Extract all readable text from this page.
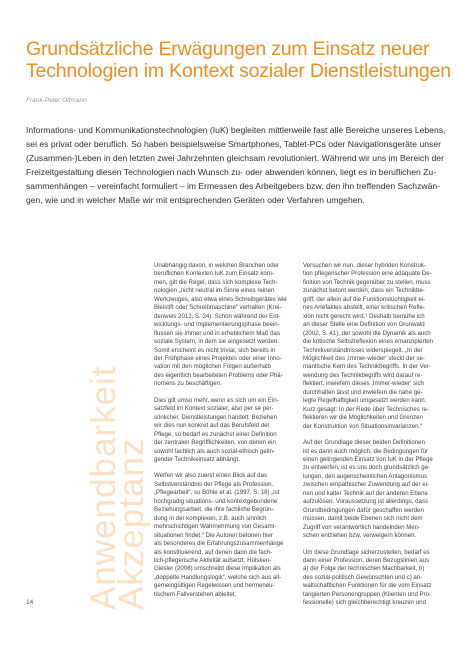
Grundsätzliche Erwägungen zum Einsatz neuer
Technologien im Kontext sozialer Dienstleistungen
Frank-Peter Oltmann
Informations- und Kommunikationstechnologien (IuK) begleiten mittlerweile fast alle Bereiche unseres Lebens,
sei es privat oder beruflich. So haben beispielsweise Smartphones, Tablet-PCs oder Navigationsgeräte unser
(Zusammen-)Leben in den letzten zwei Jahrzehnten gleichsam revolutioniert. Während wir uns im Bereich der
Freizeitgestaltung diesen Technologien nach Wunsch zu- oder abwenden können, liegt es in beruflichen Zu-
sammenhängen – vereinfacht formuliert – im Ermessen des Arbeitgebers bzw. den ihn treffenden Sachzwän-
gen, wie und in welcher Maße wir mit entsprechenden Geräten oder Verfahren umgehen.
Anwendbarkeit
Akzeptanz
Unabhängig davon, in welchen Branchen oder
beruflichen Kontexten IuK zum Einsatz kom-
men, gilt die Regel, dass sich komplexe Tech-
nologien „nicht neutral im Sinne eines reinen
Werkzeuges, also etwa eines Schreibgerätes wie
Bleistift oder Schreibmaschine“ verhalten (Krei-
denweis 2012, S. 24). Schon während der Ent-
wicklungs- und Implementierungsphase beein-
flussen sie immer und in erheblichem Maß das
soziale System, in dem sie eingesetzt werden.
Somit erscheint es nicht trivial, sich bereits in
der Frühphase eines Projektes oder einer Inno-
vation mit den möglichen Folgen außerhalb
des eigentlich bearbeiteten Problems oder Phä-
nomens zu beschäftigen.
Dies gilt umso mehr, wenn es sich um ein Ein-
satzfeld im Kontext sozialer, also per se per-
sönlicher, Dienstleistungen handelt. Beziehen
wir dies nun konkret auf das Berufsfeld der
Pflege, so bedarf es zunächst einer Definition
der zentralen Begrifflichkeiten, von denen ein
sowohl fachlich als auch sozial-ethisch gelin-
gender Technikeinsatz abhängt.
Werfen wir also zuerst einen Blick auf das
Selbstverständnis der Pflege als Profession.
„Pflegearbeit“, so Böhle et al. (1997, S. 18) „ist
hochgradig situations- und kontextgebundene
Beziehungsarbeit, die ihre fachliche Begrün-
dung in der komplexen, z.B. auch sinnlich
mehrschichtigen Wahrnehmung von Gesamt-
situationen findet.“ Die Autoren betonen hier
als besonderes die Erfahrungszusammenhänge
als konstituierend, auf denen dann die fach-
lich-pflegerische Aktivität aufsetzt. Hülsken-
Giesler (2008) umschreibt diese Implikation als
„doppelte Handlungslogik“, welche sich aus all-
gemeingültigen Regelwissen und hermeneu-
tischem Fallverstehen ableitet.
Versuchen wir nun, dieser hybriden Konstruk-
tion pflegerischer Profession eine adäquate De-
finition von Technik gegenüber zu stellen, muss
zunächst betont werden, dass ein Technikbe-
griff, der allein auf die Funktionstüchtigkeit ei-
nes Artefaktes abstellt, einer kritischen Refle-
xion nicht gerecht wird.¹ Deshalb bemühe ich
an dieser Stelle eine Definition von Grunwald
(2002, S. 41), der sowohl die Dynamik als auch
die kritische Selbstreflexion eines emanzipierten
Technikverständnisses widerspiegelt. „In der
Möglichkeit des ‚Immer-wieder‘ steckt der se-
mantische Kern des Technikbegriffs. In der Ver-
wendung des Technikbegriffs wird darauf re-
flektiert, inwiefern dieses ‚Immer-wieder‘ sich
durchhalten lässt und inwiefern die nahe ge-
legte Regelhaftigkeit umgesetzt werden kann.
Kurz gesagt: In der Rede über Technisches re-
flektieren wir die Möglichkeiten und Grenzen
der Konstruktion von Situationsinvarianzen.“
Auf der Grundlage dieser beiden Definitionen
ist es dann auch möglich, die Bedingungen für
einen gelingenden Einsatz von IuK in der Pflege
zu entwerfen, ist es uns doch grundsätzlich ge-
lungen, den augenscheinlichen Antagonismus
zwischen empathischer Zuwendung auf der ei-
nen und kalter Technik auf der anderen Ebene
aufzulösen. Voraussetzung ist allerdings, dass
Grundbedingungen dafür geschaffen werden
müssen, damit beide Ebenen sich nicht dem
Zugriff von verantwortlich handelnden Men-
schen entziehen bzw. verweigern können.
Um diese Grundlage sicherzustellen, bedarf es
dann einer Profession, deren Bezugslinien aus
a) der Folge der technischen Machbarkeit, b)
des sozial-politisch Gewünschten und c) an-
waltschaftlichen Funktionen für die vom Einsatz
tangierten Personengruppen (Klienten und Pro-
fessionelle) sich gleichberechtigt kreuzen und
14
